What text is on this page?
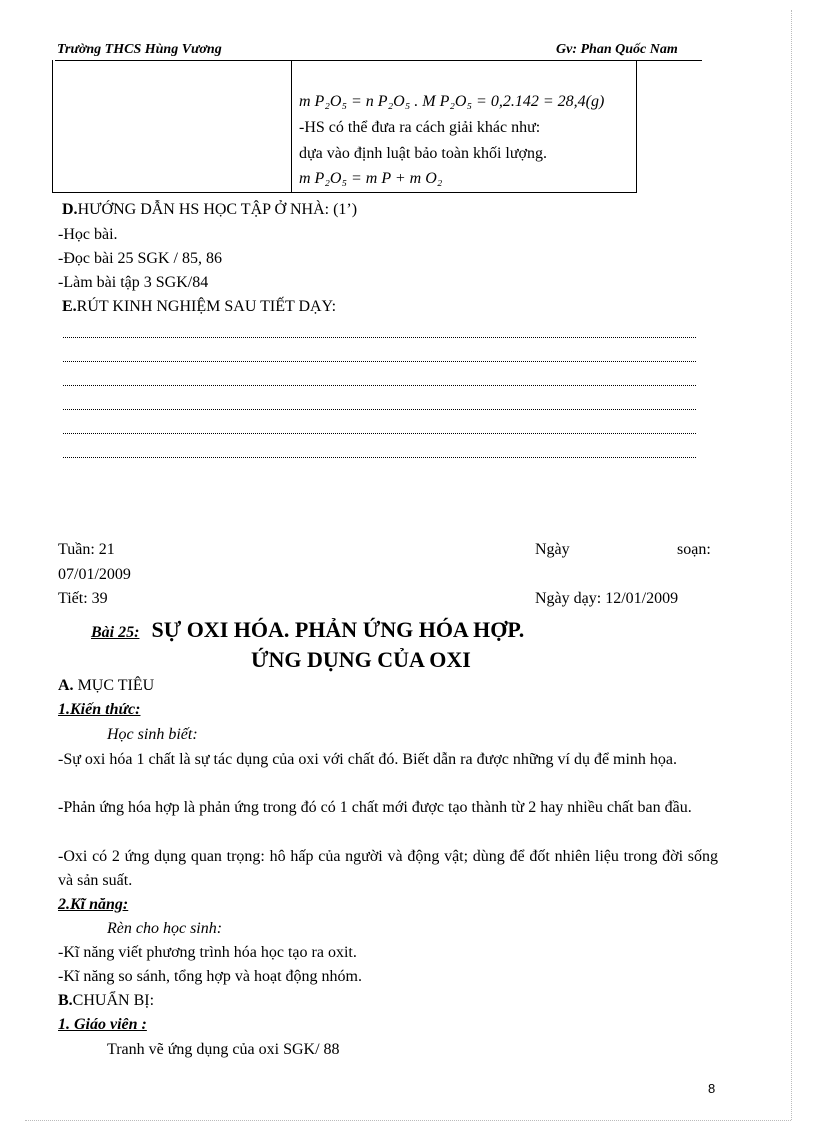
Trường THCS Hùng Vương	Gv: Phan Quốc Nam
m P₂O₅ = n P₂O₅ . M P₂O₅ = 0,2.142 = 28,4(g)
-HS có thể đưa ra cách giải khác như:
dựa vào định luật bảo toàn khối lượng.
m P₂O₅ = m P + m O₂
D.HƯỚNG DẪN HS HỌC TẬP Ở NHÀ: (1’)
-Học bài.
-Đọc bài 25 SGK / 85, 86
-Làm bài tập 3 SGK/84
E.RÚT KINH NGHIỆM SAU TIẾT DẠY:
Tuần: 21	Ngày	soạn:
07/01/2009
Tiết: 39	Ngày dạy: 12/01/2009
Bài 25: SỰ OXI HÓA. PHẢN ỨNG HÓA HỢP.
ỨNG DỤNG CỦA OXI
A. MỤC TIÊU
1.Kiến thức:
Học sinh biết:
-Sự oxi hóa 1 chất là sự tác dụng của oxi với chất đó. Biết dẫn ra được những ví dụ để minh họa.
-Phản ứng hóa hợp là phản ứng trong đó có 1 chất mới được tạo thành từ 2 hay nhiều chất ban đầu.
-Oxi có 2 ứng dụng quan trọng: hô hấp của người và động vật; dùng để đốt nhiên liệu trong đời sống và sản suất.
2.Kĩ năng:
Rèn cho học sinh:
-Kĩ năng viết phương trình hóa học tạo ra oxit.
-Kĩ năng so sánh, tổng hợp và hoạt động nhóm.
B.CHUẨN BỊ:
1. Giáo viên :
Tranh vẽ ứng dụng của oxi SGK/ 88
8
